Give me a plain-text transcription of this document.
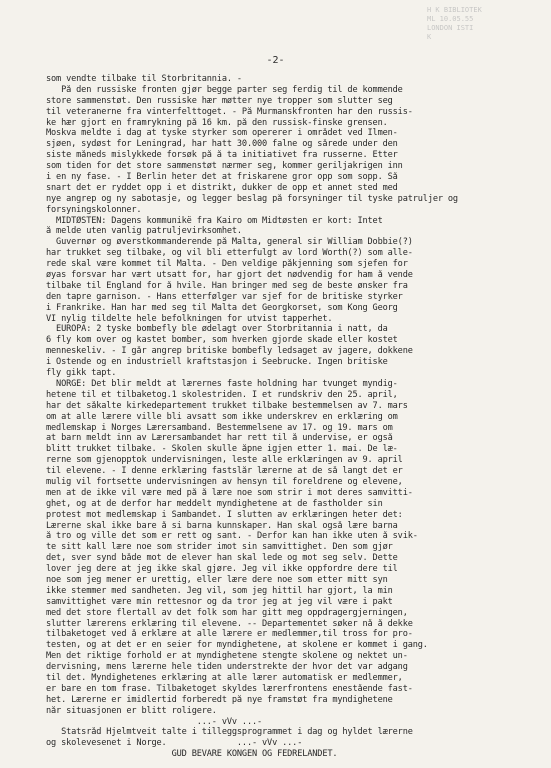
H K BIBLIOTEK
ML 10.05.55
LONDON ISTI
K
-2-
som vendte tilbake til Storbritannia. -
På den russiske fronten gjør begge parter seg ferdig til de kommende
store sammenstøt. Den russiske hær møtter nye tropper som slutter seg
til veteranerne fra vinterfelttoget. - På Murmanskfronten har den russis-
ke hær gjort en framrykning på 16 km. på den russisk-finske grensen.
Moskva meldte i dag at tyske styrker som opererer i området ved Ilmen-
sjøen, sydøst for Leningrad, har hatt 30.000 falne og sårede under den
siste måneds mislykkede forsøk på å ta initiativet fra russerne. Etter
som tiden for det store sammenstøt nærmer seg, kommer geriljakrigen inn
i en ny fase. - I Berlin heter det at friskarene gror opp som sopp. Så
snart det er ryddet opp i et distrikt, dukker de opp et annet sted med
nye angrep og ny sabotasje, og legger beslag på forsyninger til tyske patruljer og
forsyningskolonner.
MIDTØSTEN: Dagens kommunikë fra Kairo om Midtøsten er kort: Intet
å melde uten vanlig patruljevirksomhet.
Guvernør og øverstkommanderende på Malta, general sir William Dobbie(?)
har trukket seg tilbake, og vil bli etterfulgt av lord Worth(?) som alle-
rede skal være kommet til Malta. - Den veldige påkjenning som sjefen for
øyas forsvar har vært utsatt for, har gjort det nødvendig for ham å vende
tilbake til England for å hvile. Han bringer med seg de beste ønsker fra
den tapre garnison. - Hans etterfølger var sjef for de britiske styrker
i Frankrike. Han har med seg til Malta det Georgkorset, som Kong Georg
VI nylig tildelte hele befolkningen for utvist tapperhet.
EUROPA: 2 tyske bombefly ble ødelagt over Storbritannia i natt, da
6 fly kom over og kastet bomber, som hverken gjorde skade eller kostet
menneskeliv. - I går angrep britiske bombefly ledsaget av jagere, dokkene
i Ostende og en industriell kraftstasjon i Seebrucke. Ingen britiske
fly gikk tapt.
NORGE: Det blir meldt at lærernes faste holdning har tvunget myndig-
hetene til et tilbaketog.1 skolestriden. I et rundskriv den 25. april,
har det såkalte kirkedepartement trukket tilbake bestemmelsen av 7. mars
om at alle lærere ville bli avsatt som ikke underskrev en erklæring om
medlemskap i Norges Lærersamband. Bestemmelsene av 17. og 19. mars om
at barn meldt inn av Lærersambandet har rett til å undervise, er også
blitt trukket tilbake. - Skolen skulle åpne igjen etter 1. mai. De læ-
rerne som gjenopptok undervisningen, leste alle erklæringen av 9. april
til elevene. - I denne erklæring fastslår lærerne at de så langt det er
mulig vil fortsette undervisningen av hensyn til foreldrene og elevene,
men at de ikke vil være med på å lære noe som strir i mot deres samvitti-
ghet, og at de derfor har meddelt myndighetene at de fastholder sin
protest mot medlemskap i Sambandet. I slutten av erklæringen heter det:
Lærerne skal ikke bare å si barna kunnskaper. Han skal også lære barna
å tro og ville det som er rett og sant. - Derfor kan han ikke uten å svik-
te sitt kall lære noe som strider imot sin samvittighet. Den som gjør
det, sver synd både mot de elever han skal lede og mot seg selv. Dette
lover jeg dere at jeg ikke skal gjøre. Jeg vil ikke oppfordre dere til
noe som jeg mener er urettig, eller lære dere noe som etter mitt syn
ikke stemmer med sandheten. Jeg vil, som jeg hittil har gjort, la min
samvittighet være min rettesnor og da tror jeg at jeg vil være i pakt
med det store flertall av det folk som har gitt meg oppdragergjerningen,
slutter lærerens erklæring til elevene. -- Departementet søker nå å dekke
tilbaketoget ved å erklære at alle lærere er medlemmer,til tross for pro-
testen, og at det er en seier for myndighetene, at skolene er kommet i gang.
Men det riktige forhold er at myndighetene stengte skolene og nektet un-
dervisning, mens lærerne hele tiden understrekte der hvor det var adgang
til det. Myndighetenes erklæring at alle lærer automatisk er medlemmer,
er bare en tom frase. Tilbaketoget skyldes lærerfrontens enestående fast-
het. Lærerne er imidlertid forberedt på nye framstøt fra myndighetene
når situasjonen er blitt roligere.
...- vVv ...-
Statsråd Hjelmtveit talte i tilleggsprogrammet i dag og hyldet lærerne
og skolevesenet i Norge.              ...- vVv ...-
GUD BEVARE KONGEN OG FEDRELANDET.
